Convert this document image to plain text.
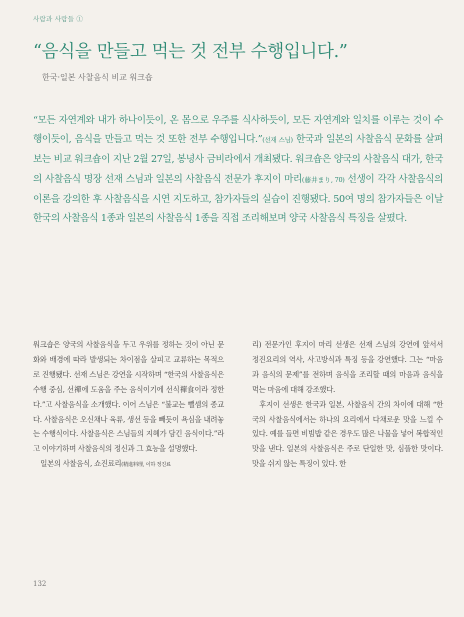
사람과 사람들 ①
“음식을 만들고 먹는 것 전부 수행입니다.”
한국·일본 사찰음식 비교 워크숍
“모든 자연계와 내가 하나이듯이, 온 몸으로 우주를 식사하듯이, 모든 자연계와 일치를 이루는 것이 수행이듯이, 음식을 만들고 먹는 것 또한 전부 수행입니다.”(선재 스님) 한국과 일본의 사찰음식 문화를 살펴보는 비교 워크숍이 지난 2월 27일, 봉녕사 금비라에서 개최됐다. 워크숍은 양국의 사찰음식 대가, 한국의 사찰음식 명장 선재 스님과 일본의 사찰음식 전문가 후지이 마리(藤井まり, 70) 선생이 각각 사찰음식의 이론을 강의한 후 사찰음식을 시연 지도하고, 참가자들의 실습이 진행됐다. 50여 명의 참가자들은 이날 한국의 사찰음식 1종과 일본의 사찰음식 1종을 직접 조리해보며 양국 사찰음식 특징을 살폈다.

워크숍은 양국의 사찰음식을 두고 우위를 정하는 것이 아닌 문화와 배경에 따라 발생되는 차이점을 살피고 교류하는 목적으로 진행됐다. 선재 스님은 강연을 시작하며 “한국의 사찰음식은 수행 중심, 선禪에 도움을 주는 음식이기에 선식禪食이라 정한다.”고 사찰음식을 소개했다. 이어 스님은 “불교는 뺄셈의 종교다. 사찰음식은 오신채나 육류, 생선 등을 빼듯이 욕심을 내려놓는 수행식이다. 사찰음식은 스님들의 지혜가 담긴 음식이다.”라고 이야기하며 사찰음식의 정신과 그 효능을 설명했다.

일본의 사찰음식, 쇼진료리(精進料理, 이하 정진료

리) 전문가인 후지이 마리 선생은 선재 스님의 강연에 앞서서 정진요리의 역사, 사고방식과 특징 등을 강연했다. 그는 “마음과 음식의 문제”를 전하며 음식을 조리할 때의 마음과 음식을 먹는 마음에 대해 강조했다.

후지이 선생은 한국과 일본, 사찰음식 간의 차이에 대해 “한국의 사찰음식에서는 하나의 요리에서 다채로운 맛을 느낄 수 있다. 예를 들면 비빔밥 같은 경우도 많은 나물을 넣어 복합적인 맛을 낸다. 일본의 사찰음식은 주로 단일한 맛, 심플한 맛이다. 맛을 쉬지 않는 특징이 있다. 한

132
